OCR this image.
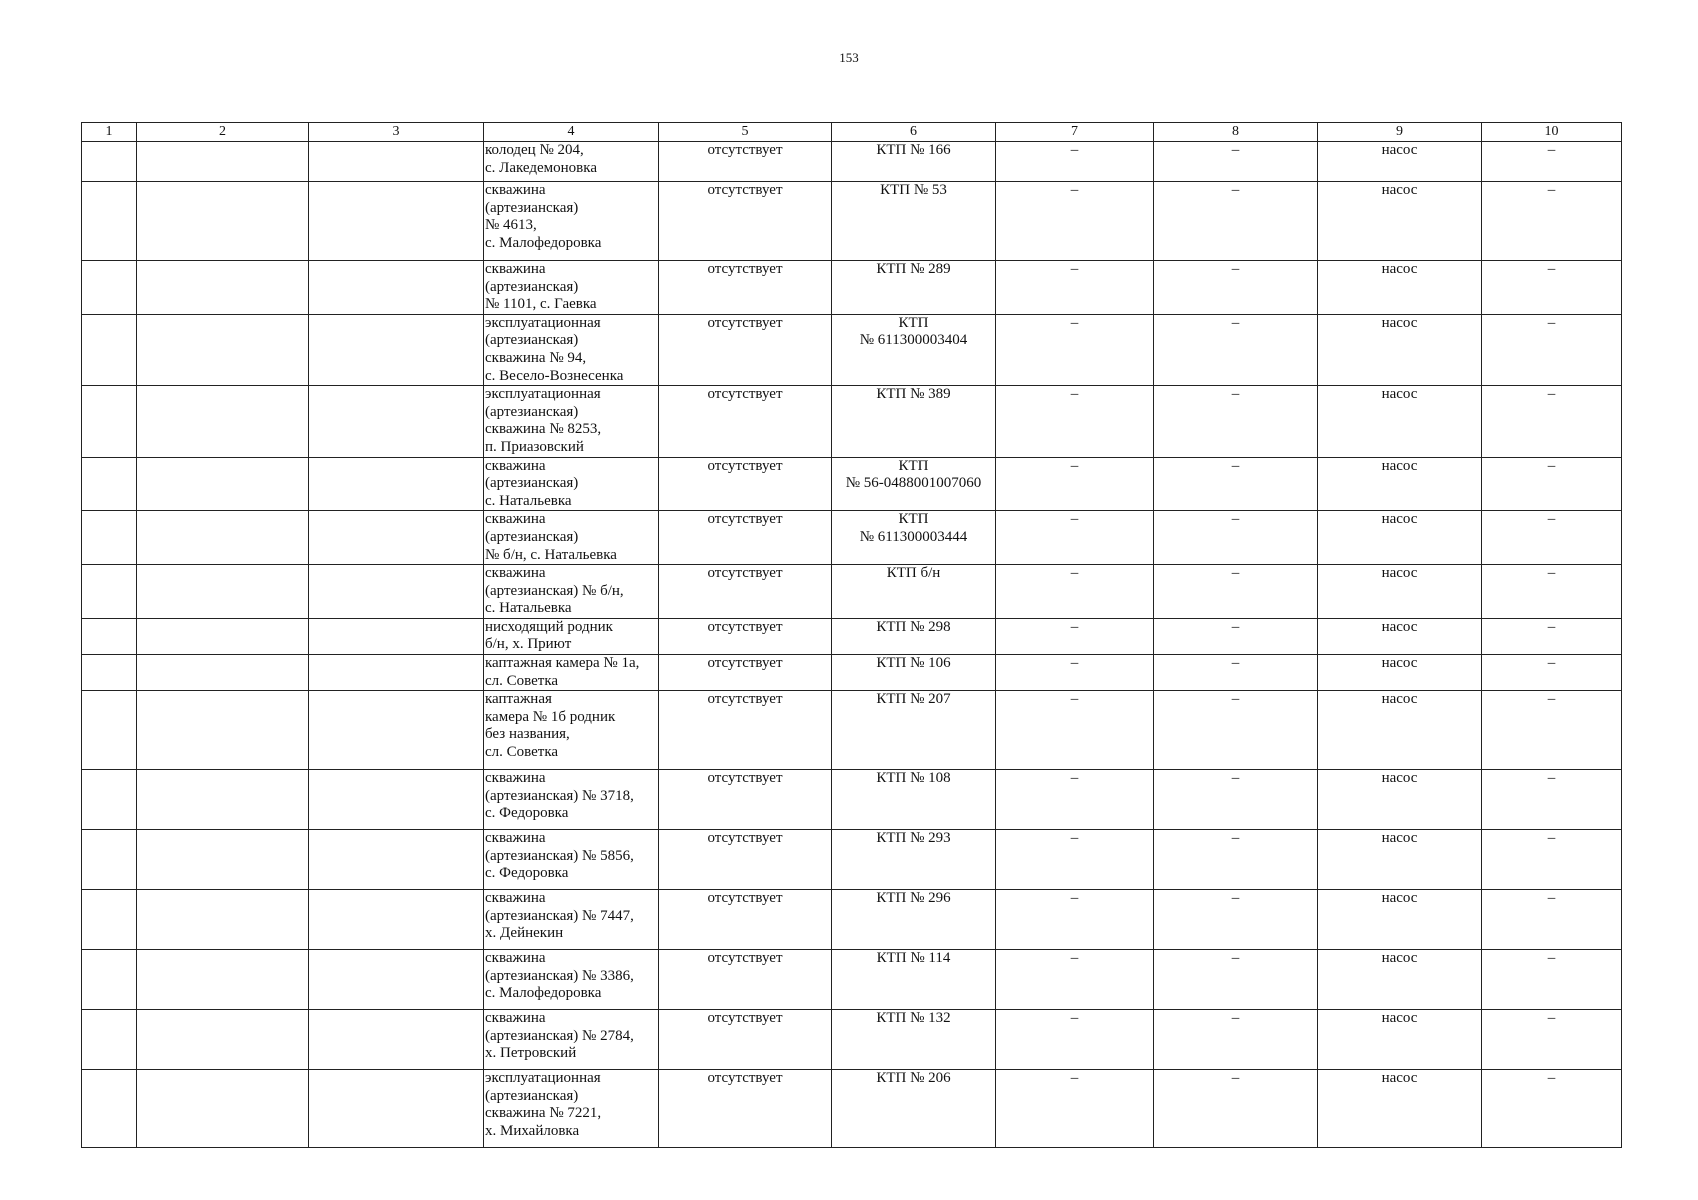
153
1	2	3	4	5	6	7	8	9	10
			колодец № 204,
с. Лакедемоновка	отсутствует	КТП № 166	–	–	насос	–
			скважина
(артезианская)
№ 4613,
с. Малофедоровка	отсутствует	КТП № 53	–	–	насос	–
			скважина
(артезианская)
№ 1101, с. Гаевка	отсутствует	КТП № 289	–	–	насос	–
			эксплуатационная
(артезианская)
скважина № 94,
с. Весело-Вознесенка	отсутствует	КТП
№ 611300003404	–	–	насос	–
			эксплуатационная
(артезианская)
скважина № 8253,
п. Приазовский	отсутствует	КТП № 389	–	–	насос	–
			скважина
(артезианская)
с. Натальевка	отсутствует	КТП
№ 56-0488001007060	–	–	насос	–
			скважина
(артезианская)
№ б/н, с. Натальевка	отсутствует	КТП
№ 611300003444	–	–	насос	–
			скважина
(артезианская) № б/н,
с. Натальевка	отсутствует	КТП б/н	–	–	насос	–
			нисходящий родник
б/н, х. Приют	отсутствует	КТП № 298	–	–	насос	–
			каптажная камера № 1а,
сл. Советка	отсутствует	КТП № 106	–	–	насос	–
			каптажная
камера № 1б родник
без названия,
сл. Советка	отсутствует	КТП № 207	–	–	насос	–
			скважина
(артезианская) № 3718,
с. Федоровка	отсутствует	КТП № 108	–	–	насос	–
			скважина
(артезианская) № 5856,
с. Федоровка	отсутствует	КТП № 293	–	–	насос	–
			скважина
(артезианская) № 7447,
х. Дейнекин	отсутствует	КТП № 296	–	–	насос	–
			скважина
(артезианская) № 3386,
с. Малофедоровка	отсутствует	КТП № 114	–	–	насос	–
			скважина
(артезианская) № 2784,
х. Петровский	отсутствует	КТП № 132	–	–	насос	–
			эксплуатационная
(артезианская)
скважина № 7221,
х. Михайловка	отсутствует	КТП № 206	–	–	насос	–
